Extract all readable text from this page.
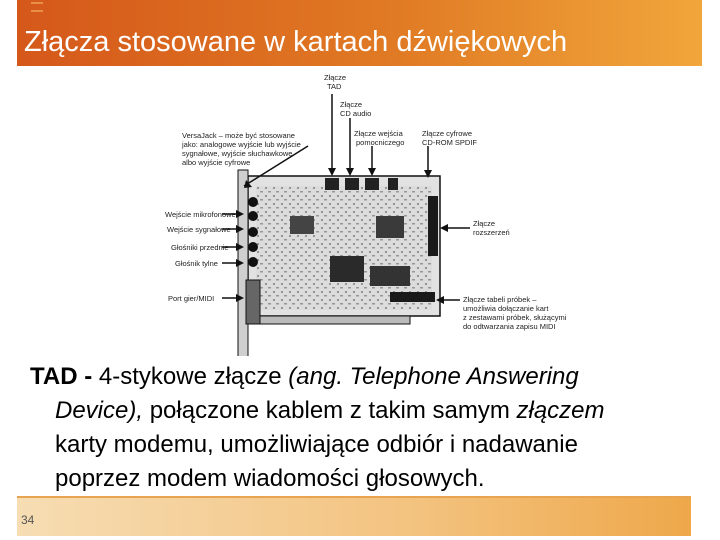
Złącza stosowane w kartach dźwiękowych
Złącze
TAD
Złącze
CD audio
Złącze wejścia
pomocniczego
Złącze cyfrowe
CD-ROM SPDIF
VersaJack – może być stosowane
jako: analogowe wyjście lub wyjście
sygnałowe, wyjście słuchawkowe
albo wyjście cyfrowe
Wejście mikrofonowe
Wejście sygnałowe
Głośniki przednie
Głośnik tylne
Port gier/MIDI
Złącze
rozszerzeń
Złącze tabeli próbek –
umożliwia dołączanie kart
z zestawami próbek, służącymi
do odtwarzania zapisu MIDI
TAD - 4-stykowe złącze (ang. Telephone Answering
Device), połączone kablem z takim samym złączem
karty modemu, umożliwiające odbiór i nadawanie
poprzez modem wiadomości głosowych.
34
